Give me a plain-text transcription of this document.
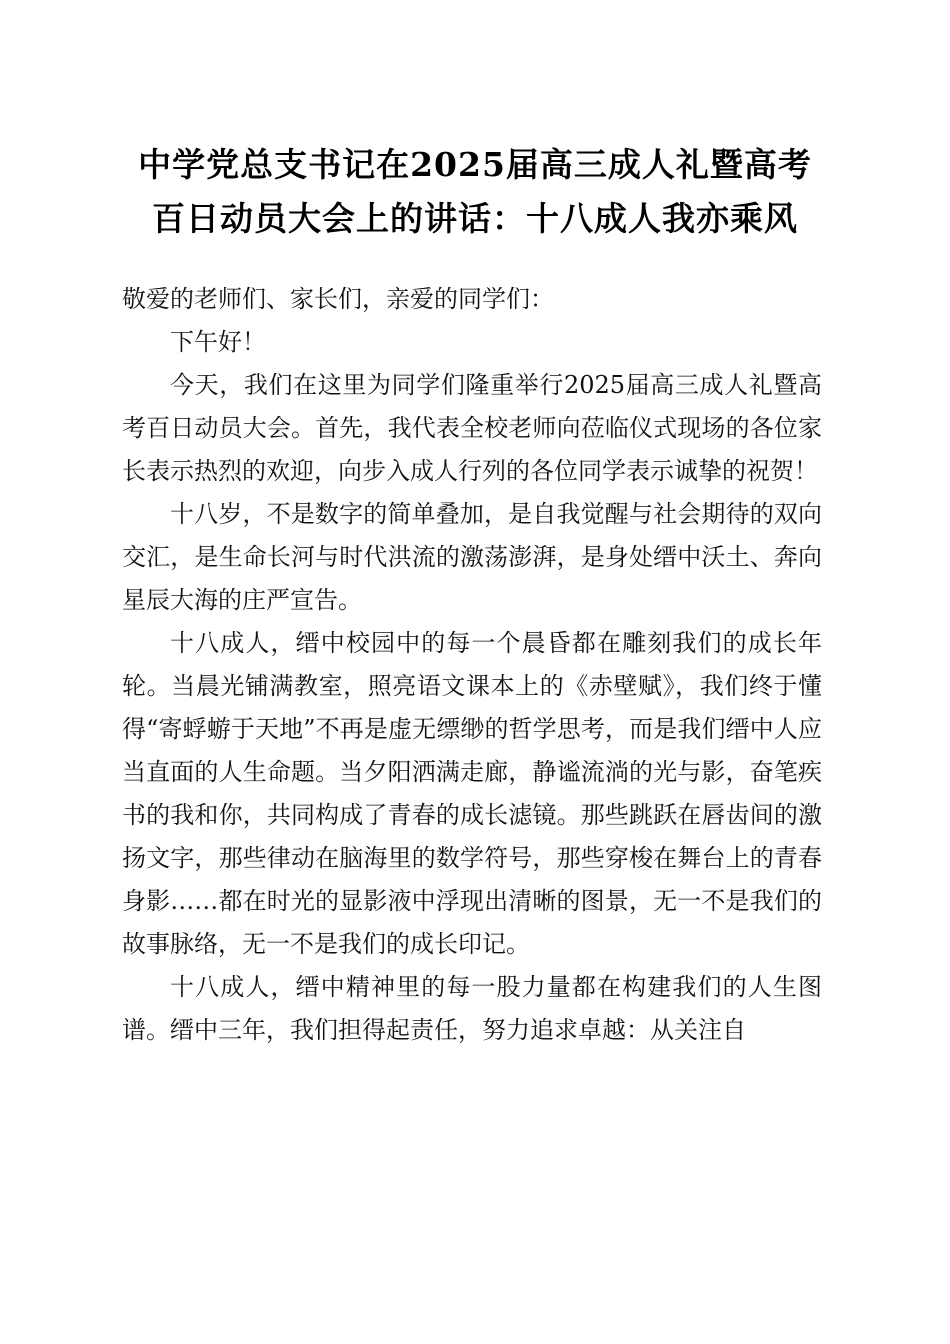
中学党总支书记在2025届高三成人礼暨高考
百日动员大会上的讲话：十八成人我亦乘风

敬爱的老师们、家长们，亲爱的同学们：

下午好！

今天，我们在这里为同学们隆重举行2025届高三成人礼暨高考百日动员大会。首先，我代表全校老师向莅临仪式现场的各位家长表示热烈的欢迎，向步入成人行列的各位同学表示诚挚的祝贺！

十八岁，不是数字的简单叠加，是自我觉醒与社会期待的双向交汇，是生命长河与时代洪流的激荡澎湃，是身处缙中沃土、奔向星辰大海的庄严宣告。

十八成人，缙中校园中的每一个晨昏都在雕刻我们的成长年轮。当晨光铺满教室，照亮语文课本上的《赤壁赋》，我们终于懂得“寄蜉蝣于天地”不再是虚无缥缈的哲学思考，而是我们缙中人应当直面的人生命题。当夕阳洒满走廊，静谧流淌的光与影，奋笔疾书的我和你，共同构成了青春的成长滤镜。那些跳跃在唇齿间的激扬文字，那些律动在脑海里的数学符号，那些穿梭在舞台上的青春身影……都在时光的显影液中浮现出清晰的图景，无一不是我们的故事脉络，无一不是我们的成长印记。

十八成人，缙中精神里的每一股力量都在构建我们的人生图谱。缙中三年，我们担得起责任，努力追求卓越：从关注自
